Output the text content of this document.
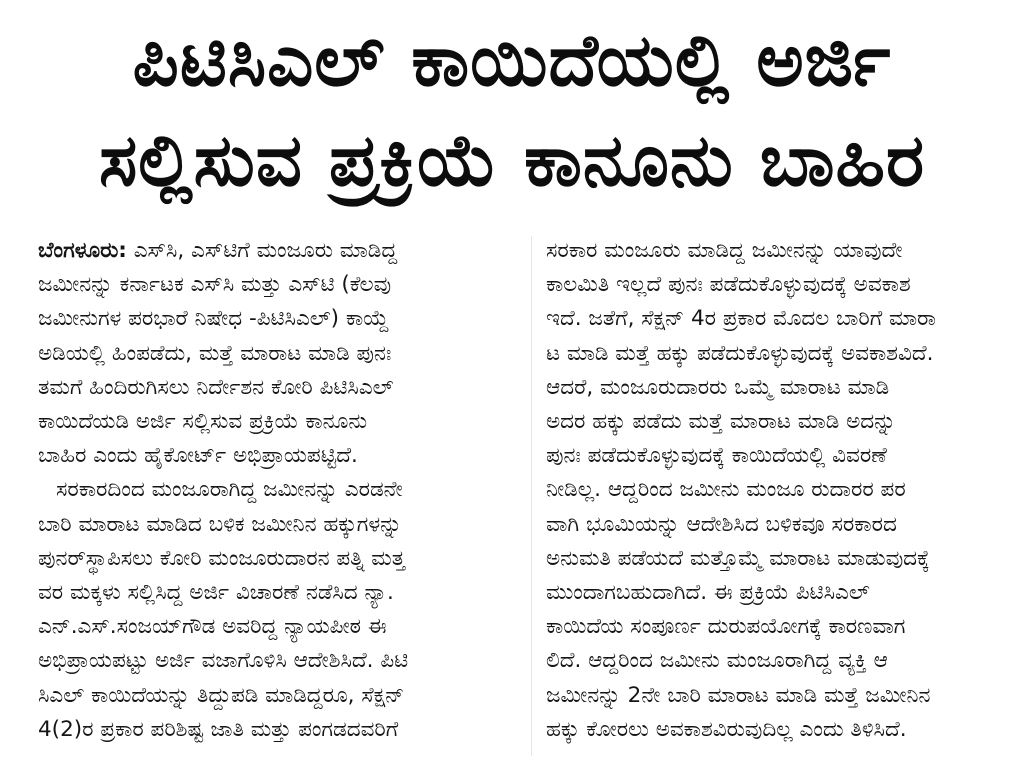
ಪಿಟಿಸಿಎಲ್ ಕಾಯಿದೆಯಲ್ಲಿ ಅರ್ಜಿ
ಸಲ್ಲಿಸುವ ಪ್ರಕ್ರಿಯೆ ಕಾನೂನು ಬಾಹಿರ
ಬೆಂಗಳೂರು: ಎಸ್‌ಸಿ, ಎಸ್‌ಟಿಗೆ ಮಂಜೂರು ಮಾಡಿದ್ದ
ಜಮೀನನ್ನು ಕರ್ನಾಟಕ ಎಸ್‌ಸಿ ಮತ್ತು ಎಸ್‌ಟಿ (ಕೆಲವು
ಜಮೀನುಗಳ ಪರಭಾರೆ ನಿಷೇಧ -ಪಿಟಿಸಿಎಲ್) ಕಾಯ್ದೆ
ಅಡಿಯಲ್ಲಿ ಹಿಂಪಡೆದು, ಮತ್ತೆ ಮಾರಾಟ ಮಾಡಿ ಪುನಃ
ತಮಗೆ ಹಿಂದಿರುಗಿಸಲು ನಿರ್ದೇಶನ ಕೋರಿ ಪಿಟಿಸಿಎಲ್
ಕಾಯಿದೆಯಡಿ ಅರ್ಜಿ ಸಲ್ಲಿಸುವ ಪ್ರಕ್ರಿಯೆ ಕಾನೂನು
ಬಾಹಿರ ಎಂದು ಹೈಕೋರ್ಟ್ ಅಭಿಪ್ರಾಯಪಟ್ಟಿದೆ.
ಸರಕಾರದಿಂದ ಮಂಜೂರಾಗಿದ್ದ ಜಮೀನನ್ನು ಎರಡನೇ
ಬಾರಿ ಮಾರಾಟ ಮಾಡಿದ ಬಳಿಕ ಜಮೀನಿನ ಹಕ್ಕುಗಳನ್ನು
ಪುನರ್‌ಸ್ಥಾಪಿಸಲು ಕೋರಿ ಮಂಜೂರುದಾರನ ಪತ್ನಿ ಮತ್ತ
ವರ ಮಕ್ಕಳು ಸಲ್ಲಿಸಿದ್ದ ಅರ್ಜಿ ವಿಚಾರಣೆ ನಡೆಸಿದ ನ್ಯಾ.
ಎನ್.ಎಸ್.ಸಂಜಯ್‌ಗೌಡ ಅವರಿದ್ದ ನ್ಯಾಯಪೀಠ ಈ
ಅಭಿಪ್ರಾಯಪಟ್ಟು ಅರ್ಜಿ ವಜಾಗೊಳಿಸಿ ಆದೇಶಿಸಿದೆ. ಪಿಟಿ
ಸಿಎಲ್ ಕಾಯಿದೆಯನ್ನು ತಿದ್ದುಪಡಿ ಮಾಡಿದ್ದರೂ, ಸೆಕ್ಷನ್
4(2)ರ ಪ್ರಕಾರ ಪರಿಶಿಷ್ಟ ಜಾತಿ ಮತ್ತು ಪಂಗಡದವರಿಗೆ
ಸರಕಾರ ಮಂಜೂರು ಮಾಡಿದ್ದ ಜಮೀನನ್ನು ಯಾವುದೇ
ಕಾಲಮಿತಿ ಇಲ್ಲದೆ ಪುನಃ ಪಡೆದುಕೊಳ್ಳುವುದಕ್ಕೆ ಅವಕಾಶ
ಇದೆ. ಜತೆಗೆ, ಸೆಕ್ಷನ್ 4ರ ಪ್ರಕಾರ ಮೊದಲ ಬಾರಿಗೆ ಮಾರಾ
ಟ ಮಾಡಿ ಮತ್ತೆ ಹಕ್ಕು ಪಡೆದುಕೊಳ್ಳುವುದಕ್ಕೆ ಅವಕಾಶವಿದೆ.
ಆದರೆ, ಮಂಜೂರುದಾರರು ಒಮ್ಮೆ ಮಾರಾಟ ಮಾಡಿ
ಅದರ ಹಕ್ಕು ಪಡೆದು ಮತ್ತೆ ಮಾರಾಟ ಮಾಡಿ ಅದನ್ನು
ಪುನಃ ಪಡೆದುಕೊಳ್ಳುವುದಕ್ಕೆ ಕಾಯಿದೆಯಲ್ಲಿ ವಿವರಣೆ
ನೀಡಿಲ್ಲ. ಆದ್ದರಿಂದ ಜಮೀನು ಮಂಜೂ ರುದಾರರ ಪರ
ವಾಗಿ ಭೂಮಿಯನ್ನು ಆದೇಶಿಸಿದ ಬಳಿಕವೂ ಸರಕಾರದ
ಅನುಮತಿ ಪಡೆಯದೆ ಮತ್ತೊಮ್ಮೆ ಮಾರಾಟ ಮಾಡುವುದಕ್ಕೆ
ಮುಂದಾಗಬಹುದಾಗಿದೆ. ಈ ಪ್ರಕ್ರಿಯೆ ಪಿಟಿಸಿಎಲ್
ಕಾಯಿದೆಯ ಸಂಪೂರ್ಣ ದುರುಪಯೋಗಕ್ಕೆ ಕಾರಣವಾಗ
ಲಿದೆ. ಆದ್ದರಿಂದ ಜಮೀನು ಮಂಜೂರಾಗಿದ್ದ ವ್ಯಕ್ತಿ ಆ
ಜಮೀನನ್ನು 2ನೇ ಬಾರಿ ಮಾರಾಟ ಮಾಡಿ ಮತ್ತೆ ಜಮೀನಿನ
ಹಕ್ಕು ಕೋರಲು ಅವಕಾಶವಿರುವುದಿಲ್ಲ ಎಂದು ತಿಳಿಸಿದೆ.
